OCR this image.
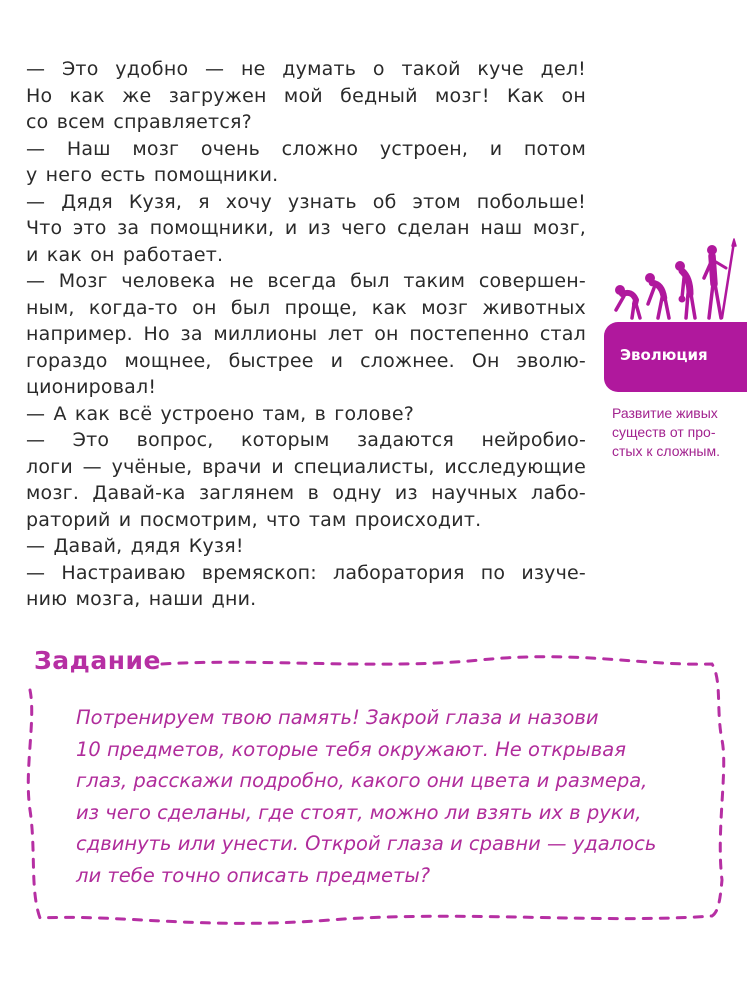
— Это удобно — не думать о такой куче дел!

Но как же загружен мой бедный мозг! Как он

со всем справляется?

— Наш мозг очень сложно устроен, и потом

у него есть помощники.

— Дядя Кузя, я хочу узнать об этом побольше!

Что это за помощники, и из чего сделан наш мозг,

и как он работает.

— Мозг человека не всегда был таким совершен-

ным, когда-то он был проще, как мозг животных

например. Но за миллионы лет он постепенно стал

гораздо мощнее, быстрее и сложнее. Он эволю-

ционировал!

— А как всё устроено там, в голове?

— Это вопрос, которым задаются нейробио-

логи — учёные, врачи и специалисты, исследующие

мозг. Давай-ка заглянем в одну из научных лабо-

раторий и посмотрим, что там происходит.

— Давай, дядя Кузя!

— Настраиваю времяскоп: лаборатория по изуче-

нию мозга, наши дни.

Эволюция
Развитие живых
существ от про-
стых к сложным.
Задание
Потренируем твою память! Закрой глаза и назови
10 предметов, которые тебя окружают. Не открывая
глаз, расскажи подробно, какого они цвета и размера,
из чего сделаны, где стоят, можно ли взять их в руки,
сдвинуть или унести. Открой глаза и сравни — удалось
ли тебе точно описать предметы?
